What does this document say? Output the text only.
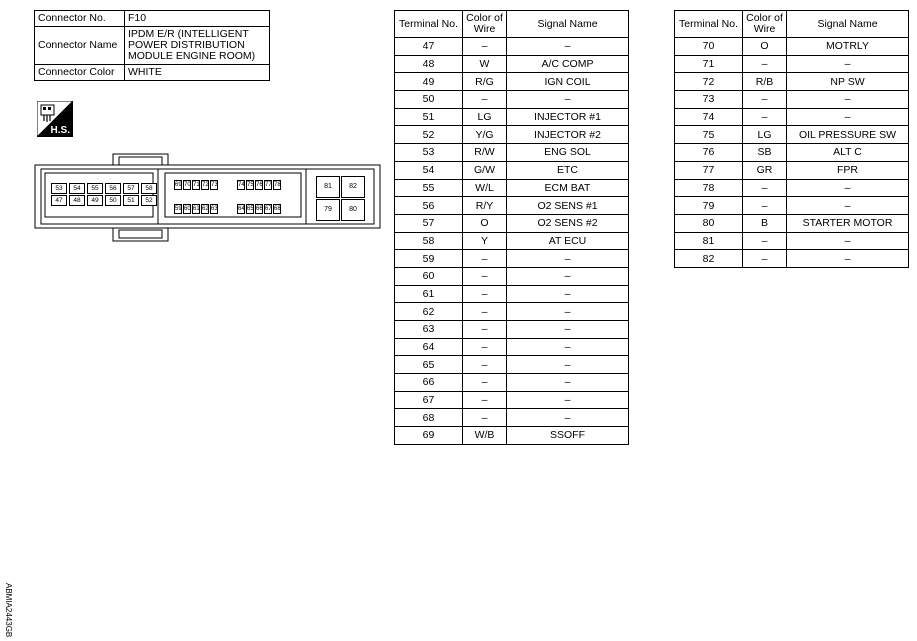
Connector No.	F10
Connector Name	IPDM E/R (INTELLIGENT POWER DISTRIBUTION MODULE ENGINE ROOM)
Connector Color	WHITE
H.S.
53	54	55	56	57	58
47	48	49	50	51	52
69 70 71 72 73
59 60 61 62 63
74 75 76 77 78
64 65 66 67 68
81	82
79	80
Terminal No.	Color of Wire	Signal Name
47	–	–
48	W	A/C COMP
49	R/G	IGN COIL
50	–	–
51	LG	INJECTOR #1
52	Y/G	INJECTOR #2
53	R/W	ENG SOL
54	G/W	ETC
55	W/L	ECM BAT
56	R/Y	O2 SENS #1
57	O	O2 SENS #2
58	Y	AT ECU
59	–	–
60	–	–
61	–	–
62	–	–
63	–	–
64	–	–
65	–	–
66	–	–
67	–	–
68	–	–
69	W/B	SSOFF
Terminal No.	Color of Wire	Signal Name
70	O	MOTRLY
71	–	–
72	R/B	NP SW
73	–	–
74	–	–
75	LG	OIL PRESSURE SW
76	SB	ALT C
77	GR	FPR
78	–	–
79	–	–
80	B	STARTER MOTOR
81	–	–
82	–	–
ABMIA2443GB
